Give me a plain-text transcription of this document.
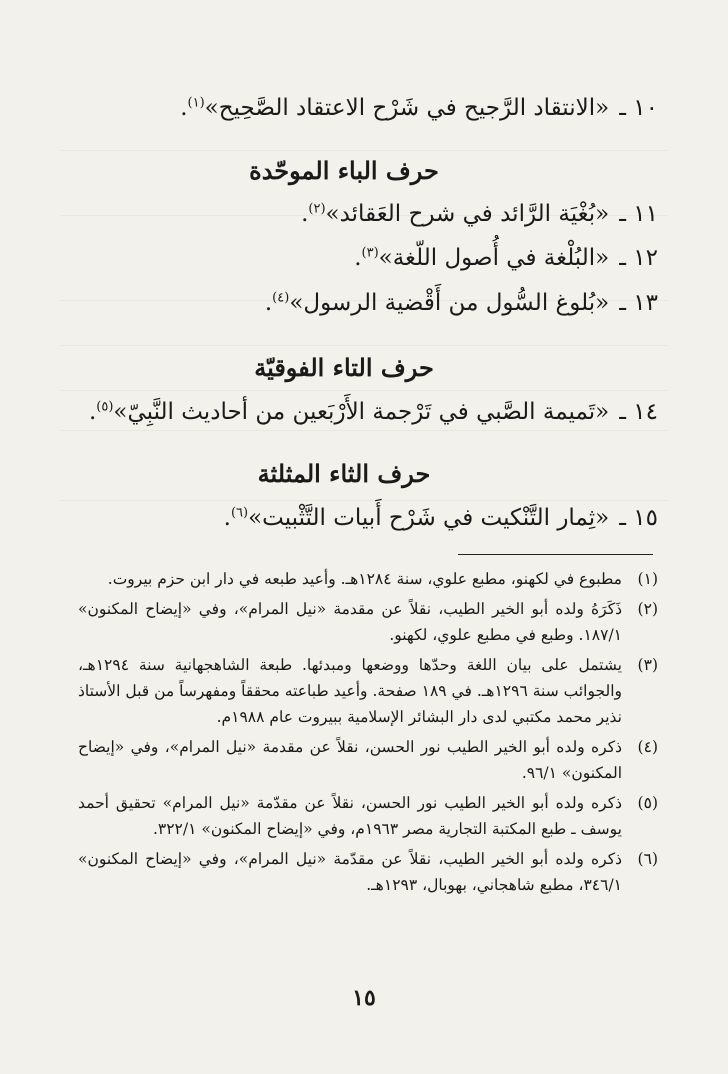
١٠ ـ«الانتقاد الرَّجيح في شَرْح الاعتقاد الصَّحِيح»$^{(١)}$.
حرف الباء الموحّدة
١١ ـ«بُغْيَة الرَّائد في شرح العَقائد»$^{(٢)}$.
١٢ ـ«البُلْغة في أُصول اللّغة»$^{(٣)}$.
١٣ ـ«بُلوغ السُّول من أَقْضية الرسول»$^{(٤)}$.
حرف التاء الفوقيّة
١٤ ـ«تَميمة الصَّبي في تَرْجمة الأَرْبَعين من أحاديث النَّبِيّ»$^{(٥)}$.
حرف الثاء المثلثة
١٥ ـ«ثِمار التَّنْكيت في شَرْح أَبيات التَّثْبيت»$^{(٦)}$.
(١)
مطبوع في لكهنو، مطبع علوي، سنة ١٢٨٤هـ. وأعيد طبعه في دار ابن حزم بيروت.
(٢)
ذَكَرَهُ ولده أبو الخير الطيب، نقلاً عن مقدمة «نيل المرام»، وفي «إيضاح المكنون» ١٨٧/١. وطبع في مطبع علوي، لكهنو.
(٣)
يشتمل على بيان اللغة وحدّها ووضعها ومبدئها. طبعة الشاهجهانية سنة ١٢٩٤هـ، والجوائب سنة ١٢٩٦هـ. في ١٨٩ صفحة. وأعيد طباعته محققاً ومفهرساً من قبل الأستاذ نذير محمد مكتبي لدى دار البشائر الإسلامية ببيروت عام ١٩٨٨م.
(٤)
ذكره ولده أبو الخير الطيب نور الحسن، نقلاً عن مقدمة «نيل المرام»، وفي «إيضاح المكنون» ٩٦/١.
(٥)
ذكره ولده أبو الخير الطيب نور الحسن، نقلاً عن مقدّمة «نيل المرام» تحقيق أحمد يوسف ـ طبع المكتبة التجارية مصر ١٩٦٣م، وفي «إيضاح المكنون» ٣٢٢/١.
(٦)
ذكره ولده أبو الخير الطيب، نقلاً عن مقدّمة «نيل المرام»، وفي «إيضاح المكنون» ٣٤٦/١، مطبع شاهجاني، بهوبال، ١٢٩٣هـ.
١٥
